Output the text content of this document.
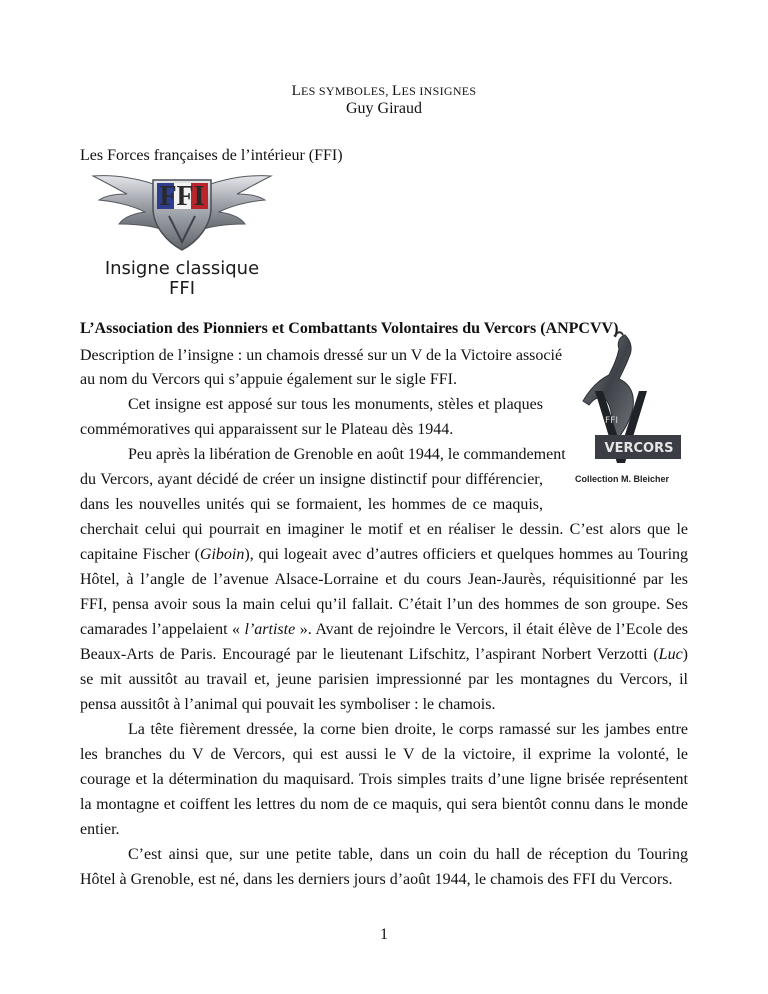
LES SYMBOLES, LES INSIGNES
Guy Giraud
Les Forces françaises de l’intérieur (FFI)
FFI
Insigne classique
FFI
L’Association des Pionniers et Combattants Volontaires du Vercors (ANPCVV)
VERCORS
FFI
Collection M. Bleicher
Description de l’insigne : un chamois dressé sur un V de la Victoire associé
au nom du Vercors qui s’appuie également sur le sigle FFI.
Cet insigne est apposé sur tous les monuments, stèles et plaques
commémoratives qui apparaissent sur le Plateau dès 1944.
Peu après la libération de Grenoble en août 1944, le commandement
du Vercors, ayant décidé de créer un insigne distinctif pour différencier,
dans les nouvelles unités qui se formaient, les hommes de ce maquis,
cherchait celui qui pourrait en imaginer le motif et en réaliser le dessin. C’est alors que le
capitaine Fischer (Giboin), qui logeait avec d’autres officiers et quelques hommes au Touring
Hôtel, à l’angle de l’avenue Alsace-Lorraine et du cours Jean-Jaurès, réquisitionné par les
FFI, pensa avoir sous la main celui qu’il fallait. C’était l’un des hommes de son groupe. Ses
camarades l’appelaient « l’artiste ». Avant de rejoindre le Vercors, il était élève de l’Ecole des
Beaux-Arts de Paris. Encouragé par le lieutenant Lifschitz, l’aspirant Norbert Verzotti (Luc)
se mit aussitôt au travail et, jeune parisien impressionné par les montagnes du Vercors, il
pensa aussitôt à l’animal qui pouvait les symboliser : le chamois.
La tête fièrement dressée, la corne bien droite, le corps ramassé sur les jambes entre
les branches du V de Vercors, qui est aussi le V de la victoire, il exprime la volonté, le
courage et la détermination du maquisard. Trois simples traits d’une ligne brisée représentent
la montagne et coiffent les lettres du nom de ce maquis, qui sera bientôt connu dans le monde
entier.
C’est ainsi que, sur une petite table, dans un coin du hall de réception du Touring
Hôtel à Grenoble, est né, dans les derniers jours d’août 1944, le chamois des FFI du Vercors.
1
